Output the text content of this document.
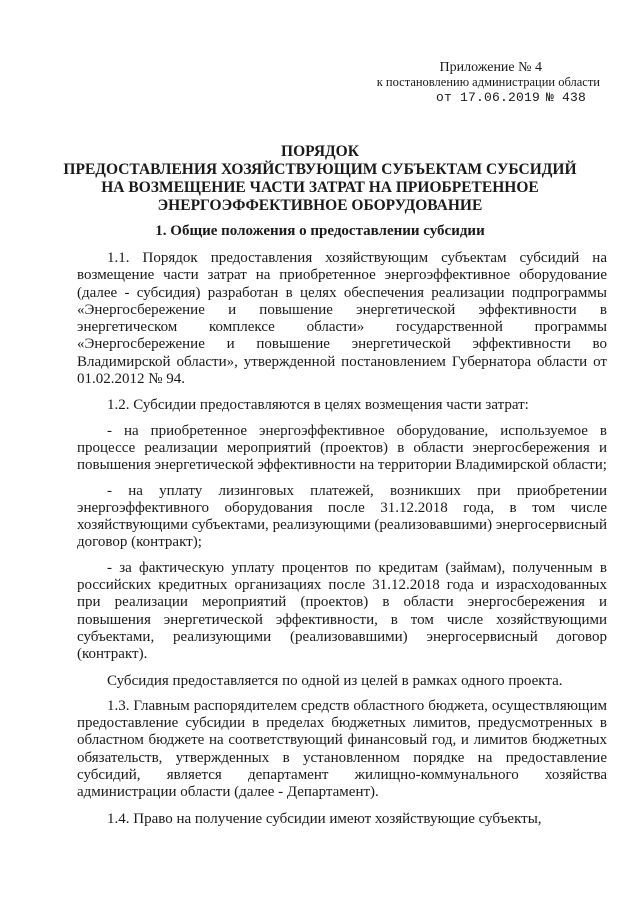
Приложение № 4
к постановлению администрации области
от 17.06.2019 № 438
ПОРЯДОК
ПРЕДОСТАВЛЕНИЯ ХОЗЯЙСТВУЮЩИМ СУБЪЕКТАМ СУБСИДИЙ
НА ВОЗМЕЩЕНИЕ ЧАСТИ ЗАТРАТ НА ПРИОБРЕТЕННОЕ
ЭНЕРГОЭФФЕКТИВНОЕ ОБОРУДОВАНИЕ
1. Общие положения о предоставлении субсидии

1.1. Порядок предоставления хозяйствующим субъектам субсидий на возмещение части затрат на приобретенное энергоэффективное оборудование (далее - субсидия) разработан в целях обеспечения реализации подпрограммы «Энергосбережение и повышение энергетической эффективности в энергетическом комплексе области» государственной программы «Энергосбережение и повышение энергетической эффективности во Владимирской области», утвержденной постановлением Губернатора области от 01.02.2012 № 94.

1.2. Субсидии предоставляются в целях возмещения части затрат:

- на приобретенное энергоэффективное оборудование, используемое в процессе реализации мероприятий (проектов) в области энергосбережения и повышения энергетической эффективности на территории Владимирской области;

- на уплату лизинговых платежей, возникших при приобретении энергоэффективного оборудования после 31.12.2018 года, в том числе хозяйствующими субъектами, реализующими (реализовавшими) энергосервисный договор (контракт);

- за фактическую уплату процентов по кредитам (займам), полученным в российских кредитных организациях после 31.12.2018 года и израсходованных при реализации мероприятий (проектов) в области энергосбережения и повышения энергетической эффективности, в том числе хозяйствующими субъектами, реализующими (реализовавшими) энергосервисный договор (контракт).

Субсидия предоставляется по одной из целей в рамках одного проекта.

1.3. Главным распорядителем средств областного бюджета, осуществляющим предоставление субсидии в пределах бюджетных лимитов, предусмотренных в областном бюджете на соответствующий финансовый год, и лимитов бюджетных обязательств, утвержденных в установленном порядке на предоставление субсидий, является департамент жилищно-коммунального хозяйства администрации области (далее - Департамент).

1.4. Право на получение субсидии имеют хозяйствующие субъекты,
